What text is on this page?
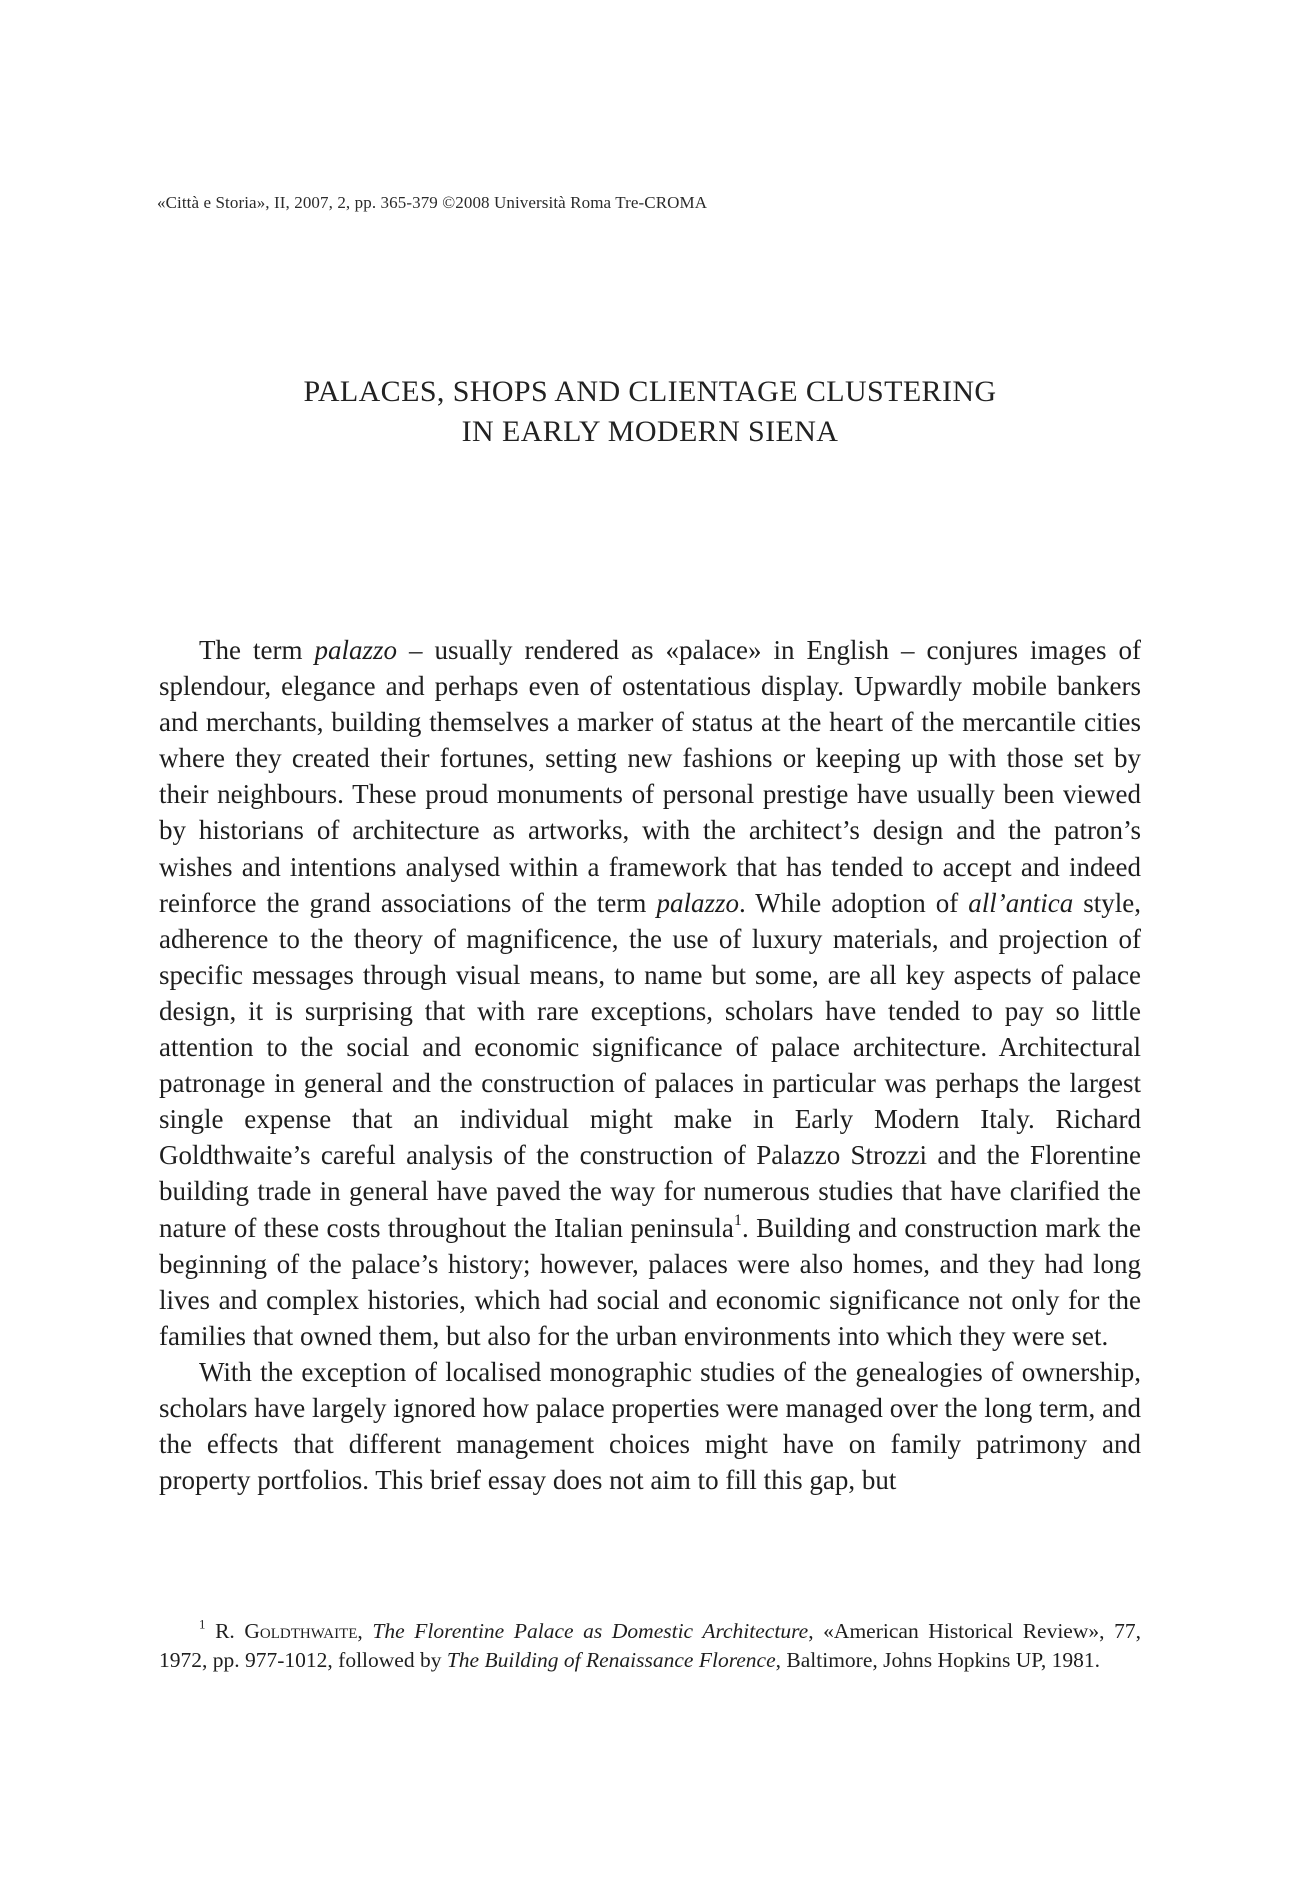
«Città e Storia», II, 2007, 2, pp. 365-379 ©2008 Università Roma Tre-CROMA
PALACES, SHOPS AND CLIENTAGE CLUSTERING
IN EARLY MODERN SIENA

The term palazzo – usually rendered as «palace» in English – conjures images of splendour, elegance and perhaps even of ostentatious display. Upwardly mobile bankers and merchants, building themselves a marker of status at the heart of the mercantile cities where they created their fortunes, setting new fashions or keeping up with those set by their neighbours. These proud monuments of personal prestige have usually been viewed by historians of architecture as artworks, with the architect’s design and the patron’s wishes and intentions analysed within a framework that has tended to accept and indeed reinforce the grand associations of the term palazzo. While adoption of all’antica style, adherence to the theory of magnificence, the use of luxury materials, and projection of specific messages through visual means, to name but some, are all key aspects of palace design, it is surprising that with rare exceptions, scholars have tended to pay so little attention to the social and economic significance of palace architecture. Architectural patronage in general and the construction of palaces in particular was perhaps the largest single expense that an individual might make in Early Modern Italy. Richard Goldthwaite’s careful analysis of the construction of Palazzo Strozzi and the Florentine building trade in general have paved the way for numerous studies that have clarified the nature of these costs throughout the Italian peninsula$^1$. Building and construction mark the beginning of the palace’s history; however, palaces were also homes, and they had long lives and complex histories, which had social and economic significance not only for the families that owned them, but also for the urban environments into which they were set.

With the exception of localised monographic studies of the genealogies of ownership, scholars have largely ignored how palace properties were managed over the long term, and the effects that different management choices might have on family patrimony and property portfolios. This brief essay does not aim to fill this gap, but

$^1$ R. Goldthwaite, The Florentine Palace as Domestic Architecture, «American Historical Review», 77, 1972, pp. 977-1012, followed by The Building of Renaissance Florence, Baltimore, Johns Hopkins UP, 1981.
